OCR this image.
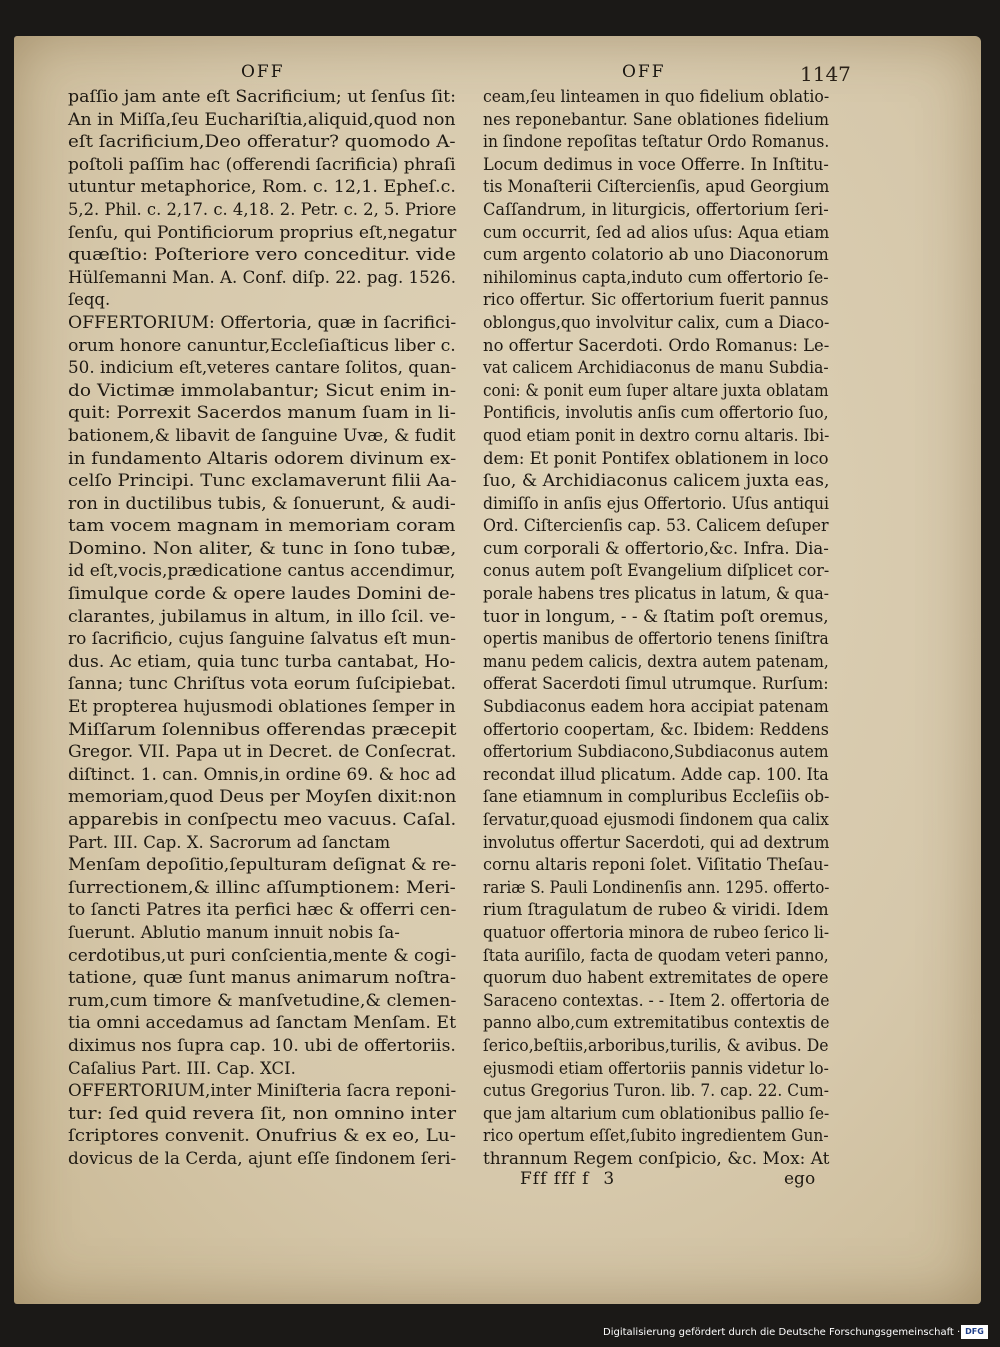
OFF	OFF	1147
paſſio jam ante eſt Sacrificium; ut ſenſus ſit:
An in Miſſa,ſeu Euchariſtia,aliquid,quod non
eſt ſacrificium,Deo offeratur? quomodo A-
poſtoli paſſim hac (offerendi ſacrificia) phraſi
utuntur metaphorice, Rom. c. 12,1. Epheſ.c.
5,2. Phil. c. 2,17. c. 4,18. 2. Petr. c. 2, 5. Priore
ſenſu, qui Pontificiorum proprius eſt,negatur
quæſtio: Poſteriore vero conceditur. vide
Hülſemanni Man. A. Conf. diſp. 22. pag. 1526.
ſeqq.
OFFERTORIUM: Offertoria, quæ in ſacrifici-
orum honore canuntur,Eccleſiaſticus liber c.
50. indicium eſt,veteres cantare ſolitos, quan-
do Victimæ immolabantur; Sicut enim in-
quit: Porrexit Sacerdos manum ſuam in li-
bationem,& libavit de ſanguine Uvæ, & fudit
in fundamento Altaris odorem divinum ex-
celſo Principi. Tunc exclamaverunt filii Aa-
ron in ductilibus tubis, & ſonuerunt, & audi-
tam vocem magnam in memoriam coram
Domino. Non aliter, & tunc in ſono tubæ,
id eſt,vocis,prædicatione cantus accendimur,
ſimulque corde & opere laudes Domini de-
clarantes, jubilamus in altum, in illo ſcil. ve-
ro ſacrificio, cujus ſanguine ſalvatus eſt mun-
dus. Ac etiam, quia tunc turba cantabat, Ho-
ſanna; tunc Chriſtus vota eorum ſuſcipiebat.
Et propterea hujusmodi oblationes ſemper in
Miſſarum ſolennibus offerendas præcepit
Gregor. VII. Papa ut in Decret. de Conſecrat.
diſtinct. 1. can. Omnis,in ordine 69. & hoc ad
memoriam,quod Deus per Moyſen dixit:non
apparebis in conſpectu meo vacuus. Caſal.
Part. III. Cap. X. Sacrorum ad ſanctam
Menſam depoſitio,ſepulturam deſignat & re-
ſurrectionem,& illinc aſſumptionem: Meri-
to ſancti Patres ita perfici hæc & offerri cen-
ſuerunt. Ablutio manum innuit nobis ſa-
cerdotibus,ut puri conſcientia,mente & cogi-
tatione, quæ ſunt manus animarum noſtra-
rum,cum timore & manſvetudine,& clemen-
tia omni accedamus ad ſanctam Menſam. Et
diximus nos ſupra cap. 10. ubi de offertoriis.
Caſalius Part. III. Cap. XCI.
OFFERTORIUM,inter Miniſteria ſacra reponi-
tur: ſed quid revera ſit, non omnino inter
ſcriptores convenit. Onufrius & ex eo, Lu-
dovicus de la Cerda, ajunt eſſe ſindonem ſeri-
ceam,ſeu linteamen in quo fidelium oblatio-
nes reponebantur. Sane oblationes fidelium
in ſindone repoſitas teſtatur Ordo Romanus.
Locum dedimus in voce Offerre. In Inſtitu-
tis Monaſterii Ciſtercienſis, apud Georgium
Caſſandrum, in liturgicis, offertorium ſeri-
cum occurrit, ſed ad alios uſus: Aqua etiam
cum argento colatorio ab uno Diaconorum
nihilominus capta,induto cum offertorio ſe-
rico offertur. Sic offertorium fuerit pannus
oblongus,quo involvitur calix, cum a Diaco-
no offertur Sacerdoti. Ordo Romanus: Le-
vat calicem Archidiaconus de manu Subdia-
coni: & ponit eum ſuper altare juxta oblatam
Pontificis, involutis anſis cum offertorio ſuo,
quod etiam ponit in dextro cornu altaris. Ibi-
dem: Et ponit Pontifex oblationem in loco
ſuo, & Archidiaconus calicem juxta eas,
dimiſſo in anſis ejus Offertorio. Uſus antiqui
Ord. Ciſtercienſis cap. 53. Calicem deſuper
cum corporali & offertorio,&c. Infra. Dia-
conus autem poſt Evangelium diſplicet cor-
porale habens tres plicatus in latum, & qua-
tuor in longum, - - & ſtatim poſt oremus,
opertis manibus de offertorio tenens ſiniſtra
manu pedem calicis, dextra autem patenam,
offerat Sacerdoti ſimul utrumque. Rurſum:
Subdiaconus eadem hora accipiat patenam
offertorio coopertam, &c. Ibidem: Reddens
offertorium Subdiacono,Subdiaconus autem
recondat illud plicatum. Adde cap. 100. Ita
ſane etiamnum in compluribus Eccleſiis ob-
ſervatur,quoad ejusmodi ſindonem qua calix
involutus offertur Sacerdoti, qui ad dextrum
cornu altaris reponi ſolet. Viſitatio Theſau-
rariæ S. Pauli Londinenſis ann. 1295. offerto-
rium ſtragulatum de rubeo & viridi. Idem
quatuor offertoria minora de rubeo ſerico li-
ſtata auriſilo, facta de quodam veteri panno,
quorum duo habent extremitates de opere
Saraceno contextas. - - Item 2. offertoria de
panno albo,cum extremitatibus contextis de
ſerico,beſtiis,arboribus,turilis, & avibus. De
ejusmodi etiam offertoriis pannis videtur lo-
cutus Gregorius Turon. lib. 7. cap. 22. Cum-
que jam altarium cum oblationibus pallio ſe-
rico opertum eſſet,ſubito ingredientem Gun-
thrannum Regem conſpicio, &c. Mox: At
Fff fff f 3	ego
Digitalisierung gefördert durch die Deutsche Forschungsgemeinschaft · DFG
